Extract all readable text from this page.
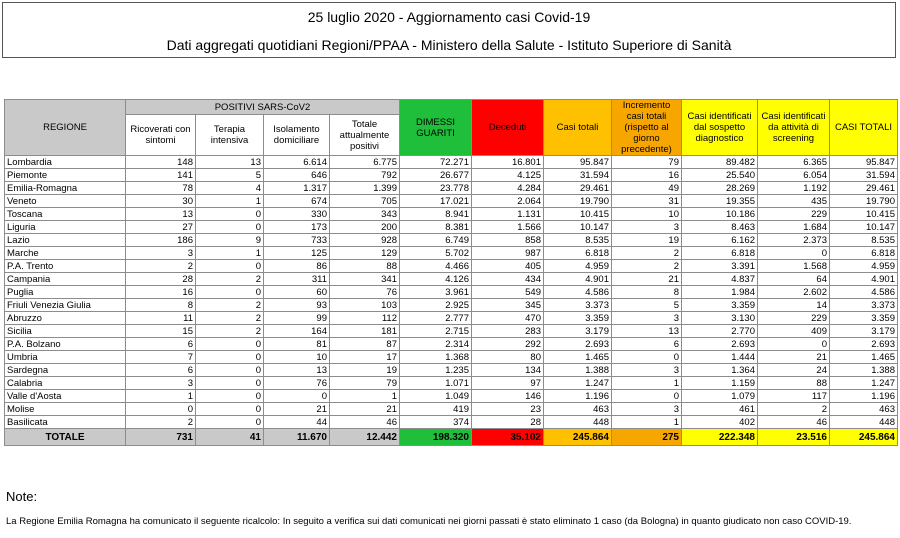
25 luglio 2020 - Aggiornamento casi Covid-19
Dati aggregati quotidiani Regioni/PPAA - Ministero della Salute - Istituto Superiore di Sanità
REGIONE	POSITIVI SARS-CoV2				DIMESSI GUARITI	Deceduti	Casi totali	Incremento casi totali (rispetto al giorno precedente)	Casi identificati dal sospetto diagnostico	Casi identificati da attività di screening	CASI TOTALI
	Ricoverati con sintomi	Terapia intensiva	Isolamento domiciliare	Totale attualmente positivi							
Lombardia	148	13	6.614	6.775	72.271	16.801	95.847	79	89.482	6.365	95.847
Piemonte	141	5	646	792	26.677	4.125	31.594	16	25.540	6.054	31.594
Emilia-Romagna	78	4	1.317	1.399	23.778	4.284	29.461	49	28.269	1.192	29.461
Veneto	30	1	674	705	17.021	2.064	19.790	31	19.355	435	19.790
Toscana	13	0	330	343	8.941	1.131	10.415	10	10.186	229	10.415
Liguria	27	0	173	200	8.381	1.566	10.147	3	8.463	1.684	10.147
Lazio	186	9	733	928	6.749	858	8.535	19	6.162	2.373	8.535
Marche	3	1	125	129	5.702	987	6.818	2	6.818	0	6.818
P.A. Trento	2	0	86	88	4.466	405	4.959	2	3.391	1.568	4.959
Campania	28	2	311	341	4.126	434	4.901	21	4.837	64	4.901
Puglia	16	0	60	76	3.961	549	4.586	8	1.984	2.602	4.586
Friuli Venezia Giulia	8	2	93	103	2.925	345	3.373	5	3.359	14	3.373
Abruzzo	11	2	99	112	2.777	470	3.359	3	3.130	229	3.359
Sicilia	15	2	164	181	2.715	283	3.179	13	2.770	409	3.179
P.A. Bolzano	6	0	81	87	2.314	292	2.693	6	2.693	0	2.693
Umbria	7	0	10	17	1.368	80	1.465	0	1.444	21	1.465
Sardegna	6	0	13	19	1.235	134	1.388	3	1.364	24	1.388
Calabria	3	0	76	79	1.071	97	1.247	1	1.159	88	1.247
Valle d'Aosta	1	0	0	1	1.049	146	1.196	0	1.079	117	1.196
Molise	0	0	21	21	419	23	463	3	461	2	463
Basilicata	2	0	44	46	374	28	448	1	402	46	448
TOTALE	731	41	11.670	12.442	198.320	35.102	245.864	275	222.348	23.516	245.864
Note:
La Regione Emilia Romagna ha comunicato il seguente ricalcolo: In seguito a verifica sui dati comunicati nei giorni passati è stato eliminato 1 caso (da Bologna) in quanto giudicato non caso COVID-19.
